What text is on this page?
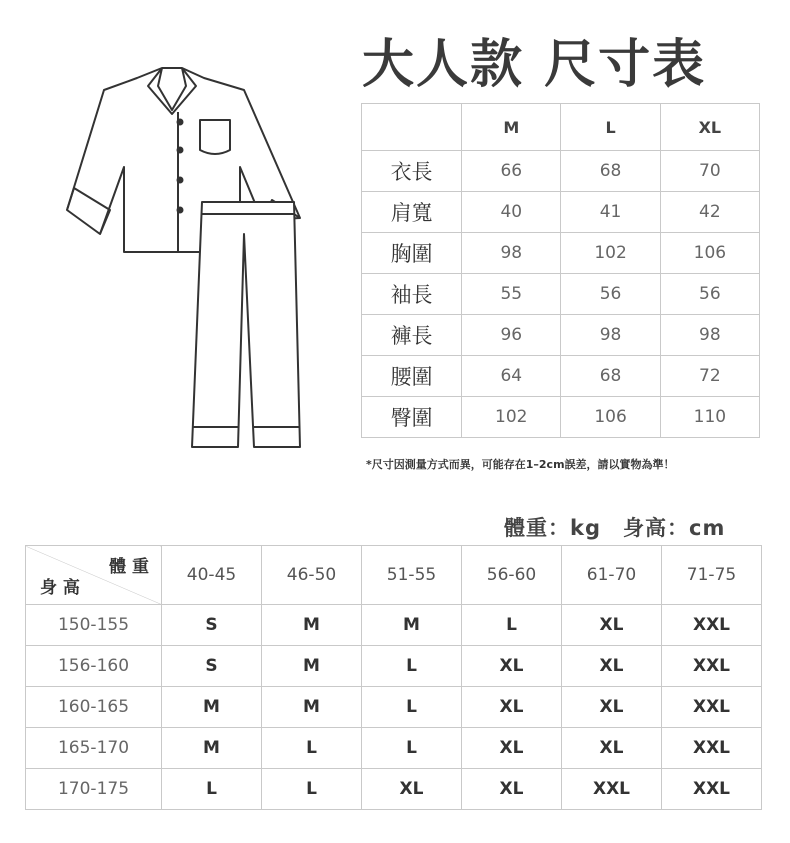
大人款 尺寸表
	M	L	XL
衣長	66	68	70
肩寬	40	41	42
胸圍	98	102	106
袖長	55	56	56
褲長	96	98	98
腰圍	64	68	72
臀圍	102	106	110
*尺寸因測量方式而異，可能存在1–2cm誤差，請以實物為準！
體重：kg　身高：cm
體 重
身 高	40-45	46-50	51-55	56-60	61-70	71-75
150-155	S	M	M	L	XL	XXL
156-160	S	M	L	XL	XL	XXL
160-165	M	M	L	XL	XL	XXL
165-170	M	L	L	XL	XL	XXL
170-175	L	L	XL	XL	XXL	XXL
